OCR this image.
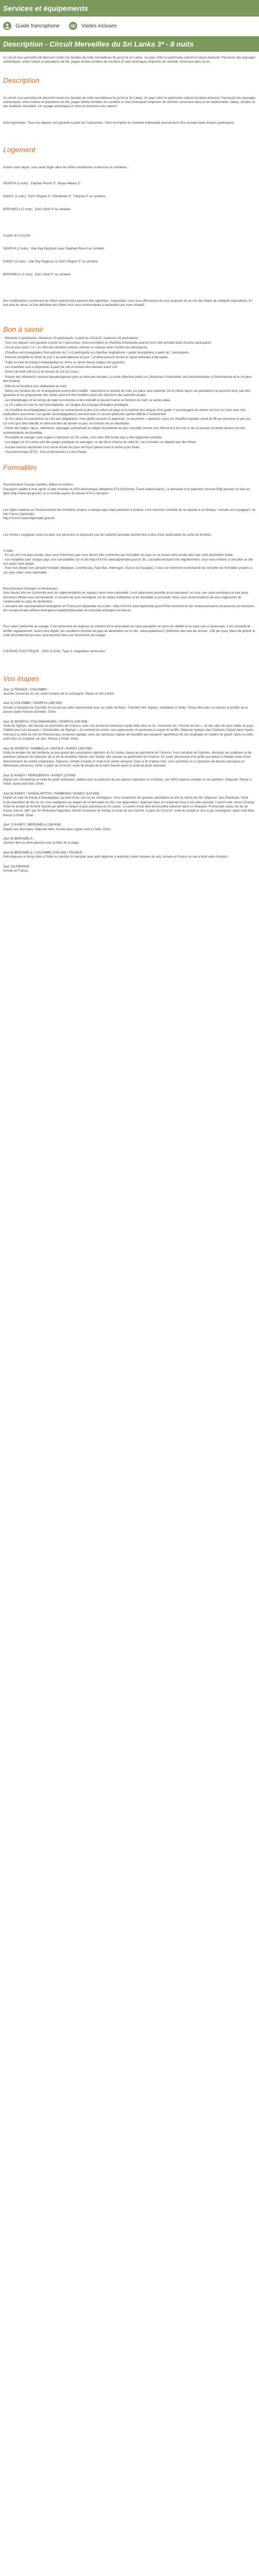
Services et équipements
Guide francophone	Visites incluses
Description - Circuit Merveilles du Sri Lanka 3* - 8 nuits
Ce circuit vous permettra de découvrir toutes les facettes de cette merveilleuse île qu'est le Sri Lanka. Un pays riche en patrimoine culturel et nature préservé. Parcourez des paysages authentiques, entre rizières et plantations de thé, plages dorées bordées de cocotiers et sites historiques empreints de sérénité, immersion dans la vie...
Description

Ce circuit vous permettra de découvrir toutes les facettes de cette merveilleuse île qu'est le Sri Lanka. Un pays riche en patrimoine culturel et nature préservé. Parcourez des paysages authentiques, entre rizières et plantations de thé, plages dorées bordées de cocotiers et sites historiques empreints de sérénité, immersion dans la vie traditionnelle, safaris, temples et des étudiants merveilles. Un voyage authentique et riche en émotions vous attend !

Note importante : Tous nos départs sont garantis à partir de 2 personnes. Votre inscription en chambre individuelle pourrait donc être annulée faute d'autres participants.

Logement

Durant votre séjour, vous serez logés dans les hôtels mentionnés ci-dessous ou similaires :

SIGIRIYA (2 nuits) : Elephas Resort 3*, Aliyaa Abbara 3*

KANDY (3 nuits) : Earl's Regent 3*, Randholee 3*, Thilanka 3* ou similaire

BERUWELA (2 nuits) : Earl's Reef 4* ou similaire

A partir du 01/11/24:

SIGIRIYA (2 nuits) : Oak Ray Elephant Lake, Elephant Resort ou similaire

KANDY (3 nuits) : Oak Ray Regency ou Earl's Regent 3* ou similaire

BERUWELA (2 nuits) : Earl's Reef 4* ou similaire

Des modifications concernant les hôtels sélectionnés peuvent être apportées. Cependant, nous nous efforcerons de vous proposer en ce cas des hôtels de catégorie équivalente. En tout état de cause, la liste définitive des hôtels vous sera communiquée à destination par notre réceptif.

Bon à savoir
- Minimum 2 participants. Maximum 20 participants. A partir du 01/11/24, maximum 30 participants.
- Tous nos départs sont garantis à partir de 2 personnes. Votre inscription en chambre individuelle pourrait donc être annulée faute d'autres participants.
- Circuit avec jours 2 à 7 en véhicule climatisé (voiture, minivan ou autocar selon nombre de participants).
- Chauffeur-accompagnateur francophone de 2 à 6 participants ou chauffeur anglophone + guide francophone à partir de 7 participants.
- Pension complète du dîner du jour 2 au petit-déjeuner du jour 7 et demi-pension durant le séjour balnéaire à Beruwela.
- Trajet en train de Kandy à Nawalapitiya en 2ème ou 3ème classe (sièges non garantis).
- Les chambres sont à disposition à partir de 14h et doivent être libérées avant 12h.
- Dîners de Noël (24/12) et de Nouvel an (31/12) inclus.
- Prévoir des vêtements couvrant épaules/genoux pour la visite des temples. La visite réflective pieds nus (dispenses chaussettes sont recommandées à Polonnaruwa où le sol peut être brûlant).
- Pâle de la Perahera (en) célébration en Août.
- Selon vos horaires de vol, le programme pourra être modifié : néanmoins le nombre de nuits sur place sera respecté. De la même façon, les prestations ne pourront donc pas être garanties et les programmes des visites pourront être modifiés selon des décisions des autorités locales.
- Les kilométrages et les temps de trajet sont donnés à titre indicatif et peuvent varier en fonction du trafic ou autres aléas.
- Le Sri Lanka est une île non franchophone, où l'anglais est la langue étrangère privilégiée.
- Un chauffeur-accompagnateur ou guide se consacreront la plus à la culture du pays et la maîtrise des langues d'un guide. Il accompagne les clients sur tous les sites avec des explications succinctes. Les guides accompagnateurs peuvent avoir un accent particulier parfois difficile à comprendre.
- Au Sri Lanka, les pourboires ne sont pas obligatoires, mais plutôt courants et appréciés. Le pourboire « standard » pour les chauffeurs/guides serait de 5$ par personne et par jour. Ce n'est qu'à titre indicatif, le client est libre de donner ou pas, en fonction de sa satisfaction.
- Porter des objets, bijoux, vêtements, tatouages symbolisant la religion bouddhiste est peu conseillé comme une offense et il est mal vu de se prendre en photo devant une des représentations de Bouddha.
- Possibilité de changer votre argent à l'aéroport sur Sri Lanka. Une carte SIM locale peut y être également achetée.
- Les plages du Sri Lanka sont des plages publiques et sauvages, ce qui fait le charme de cette île. Leur entretien ne dépend pas des hôtels.
- Aucune boisson alcoolisée n'est servie durant les jours de Poya (pleine lune) et autres jours fériés.
- Visa électronique (ETA) : frais et démarches à votre charge.
Formalités

Ressortissants français (adultes, bébés et enfants) :
Passeport valable 6 mois après la date d'entrée et VISA électronique obligatoire ETA (Electronic Travel Authorization). La demande et le paiement (environ 50$) peuvent se faire en ligne (http://www.eta.gov.lk/) ou à l'arrivée auprès du bureau ETA à l'aéroport.

Les règles relatives au franchissement des frontières propres à chaque pays étant amenées à évoluer, il est vivement conseillé de se reporter à la rubrique "conseils aux voyageurs" du site France Diplomatie,
http://XXXXX.www.diplomatie.gouv.fr/.

Les mineurs voyageant seuls ou avec une personne ne disposant pas de l'autorité parentale doivent être munis d'une autorisation de sortie de territoire.

A noter :
- En cas d'un vol avec escale, vous vous informerez que vous devrez être conformes aux formalités du pays où se trouve votre escale ainsi que votre destination finale.
- Les modalités pour chaque pays sont consultables sur le site http://XXXXX.www.diplomatie.gouv.fr/ (fr). Lactualité évoluant très régulièrement, nous vous invitons à consulter ce site lors avant votre départ.
- Pour tout départ d'un aéroport frontalier (Belgique, Luxembourg, Pays-Bas, Allemagne, Suisse ou Espagne), il vous est vivement recommandé de consulter les formalités propres à ces pays selon votre nationalité.

Ressortissants étrangers et binationaux :
Vous devrez être en conformité avec les réglementations en vigueur, selon votre nationalité. Il est notamment possible qu'un passeport, un visa, une carte touristique ou tout autre document officiel vous soit demandé. Il convient de vous renseigner sur les délais d'obtention et les formalités à accomplir. Nous vous recommandons de vous rapprocher de l'ambassade du pays de destination.
L'annuaire des représentations étrangères en France est disponible via ce lien : http://XXXXX.www.diplomatie.gouv.fr/fr/le-ministere-et-son-reseau/annuaires-et-adresses-du-ministere-de-l-europe-et-des-affaires-etrangeres-maedi/ambassades-et-consulats-etrangers-en-france/.

Pour valoir conformité au voyage, il est nécessaire de disposer au moment de la réservation de votre passeport en cours de validité et de votre visa si nécessaire. Il est conseillé de vérifier régulièrement, avant votre départ, les conditions d'entrée du pays de destination sur le site : www.rapidevisa.fr (Définition des frais de service : 20€ par visa). Merci de prévoir le code promotionnel qui vous sera transmis dans vos documents de voyage.

COURANT ELECTRIQUE : 230V et 50Hz. Type G. Adaptateur nécessaire.

Vos étapes
Jour 1) FRANCE / COLOMBO :
Journée consacrée au vol, selon horaires de la compagnie. Repas et nuit à bord.
Jour 2) COLOMBO / SIGIRIYA (180 KM) :
Arrivée à l'aéroport de Colombo et accueil par notre représentant avec un collier de fleurs. Transfert vers Sigiriya. Installation à l'hôtel. Temps libre pour se reposer et profiter de la piscine (selon horaire d'arrivée). Dîner.
Jour 3) SIGIRIYA / POLONNARUWA / SIGIRIYA (120 KM) :
Visite de Sigiriya, cité classée au patrimoine de l'Unesco, avec son ancienne forteresse royale bâtie dans le roc. Ascension du « Rocher du lion », un des sites les plus visités du pays. Célèbre pour ses fresques « Demoiselles de Sigiriya ». Au sommet du rocher, vous apercevrez un panorama à couper le souffle. Déjeuner typique chez l'habitant. Départ dans l'après-midi pour la visite du site de Polonnaruwa, ancienne capitale, avec ses fameuses statues de bouddha qui marquent l'apothéose de l'art cinghalais en matière de granit. Après la visite, arrêt chez un sculpteur sur bois. Retour à l'hôtel. Dîner.
Jour 4) SIGIRIYA / DAMBULLA / MATALE / KANDY (100 KM) :
Visite du temple d'or de Dambulla, le plus grand des sanctuaires rupestres du Sri Lanka, classé au patrimoine de l'Unesco. Il est constitué de 5 grottes, décorées de sculptures et de peintures retraçant les épisodes de la vie du bouddha. Départ vers Kandy, ville classée au patrimoine de l'Unesco. En route, découverte d'un jardin aux épices à Matale suivie d'une démonstration de cuisine cinghalaise. Déjeuner. Arrivée à Kandy et visite d'un centre artisanal. Dans la fin d'après-midi, vous assisterez à un spectacle de danses classiques et folkloriques (diverses). Dîner. A partir du 01/11/24, visite du temple de la Dent Sacrée avant la visite du jardin artisanal.
Jour 5) KANDY / PERADENIYA / KANDY (15 KM) :
Départ vers Peradeniya et visite du jardin botanique, célèbre pour la profusion de ses plantes tropicales et orchidées, ses 4000 espèces variétés et ses palmiers. Déjeuner. Retour à l'hôtel. Après-midi libre. Dîner.
Jour 6) KANDY / NAWALAPITIYA / RAMBODA / KANDY (120 KM) :
Départ en train de Kandy à Nawalapitiya, qui jouit d'une vue sur les montagnes. Vous traverserez les grandes plantations de thé du centre de l'île. Déjeuner. Vers Ramboda. Visite d'une plantation de thé où l'on vous expliquera les étapes de la fabrication du thé, une dégustation. Déjeuner dans un restaurant face à une jolie cascade. L'après-midi, retour à Kandy. Visite du temple de la Dent Sacrée qui abrite la relique la plus précieuse du Sri Lanka : la canine d'une dent de bouddha entourée dans un reliquaire. Promenade autour du lac de Kandy créé en 1807 par Sri Wickrama Rajasinha, dernier monarque de Kandy, et visite de son marché. A partir du 01/11/24, visite du temple le Jour 4 par conséquent, après-midi libre. Retour à l'hôtel. Dîner.
Jour 7) KANDY / BERUWELA (180 KM) :
Départ vers Beruwela. Déjeuner libre. Arrivée dans l'après-midi à l'hôtel. Dîner.
Jour 8) BERUWELA :
Journée libre en demi-pension pour profiter de la plage.
Jour 9) BERUWELA / COLOMBO (100 KM) / FRANCE :
Petit-déjeuner et temps libre à l'hôtel ou transfert à l'aéroport avec petit déjeuner à emporter (selon horaires du vol). Arrivée en France ou nuit à bord selon horaires.
Jour 10) FRANCE :
Arrivée en France.
